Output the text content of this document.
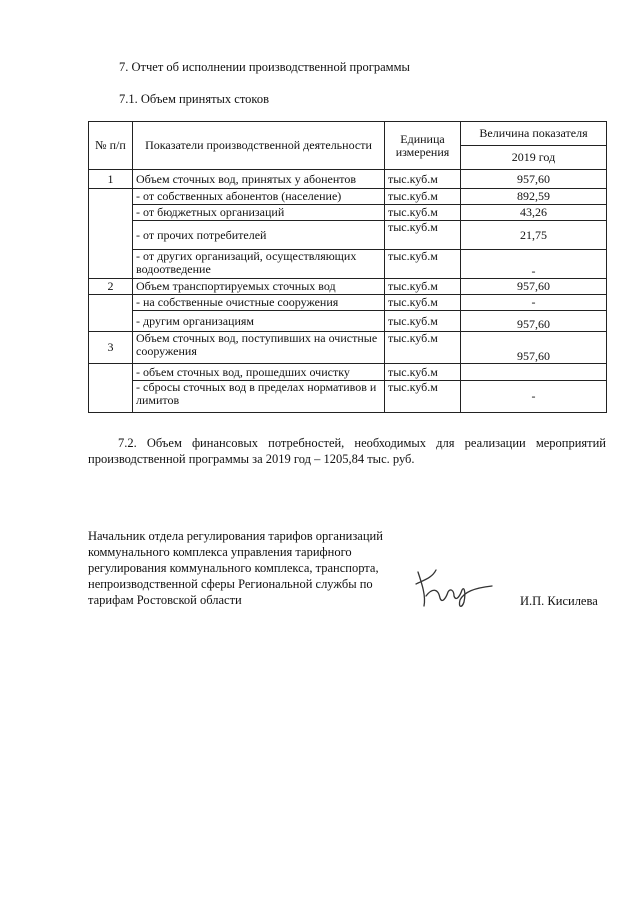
7. Отчет об исполнении производственной программы
7.1. Объем принятых стоков
№ п/п	Показатели производственной деятельности	Единица измерения	Величина показателя
			2019 год
1	Объем сточных вод, принятых у абонентов	тыс.куб.м	957,60
	- от собственных абонентов (население)	тыс.куб.м	892,59
	- от бюджетных организаций	тыс.куб.м	43,26
	- от прочих потребителей	тыс.куб.м	21,75
	- от других организаций, осуществляющих водоотведение	тыс.куб.м	-
2	Объем транспортируемых сточных вод	тыс.куб.м	957,60
	- на собственные очистные сооружения	тыс.куб.м	-
	- другим организациям	тыс.куб.м	957,60
3	Объем сточных вод, поступивших на очистные сооружения	тыс.куб.м	957,60
	- объем сточных вод, прошедших очистку	тыс.куб.м	
	- сбросы сточных вод в пределах нормативов и лимитов	тыс.куб.м	-
7.2. Объем финансовых потребностей, необходимых для реализации мероприятий производственной программы за 2019 год – 1205,84 тыс. руб.
Начальник отдела регулирования тарифов организаций коммунального комплекса управления тарифного регулирования коммунального комплекса, транспорта, непроизводственной сферы Региональной службы по тарифам Ростовской области	И.П. Кисилева
